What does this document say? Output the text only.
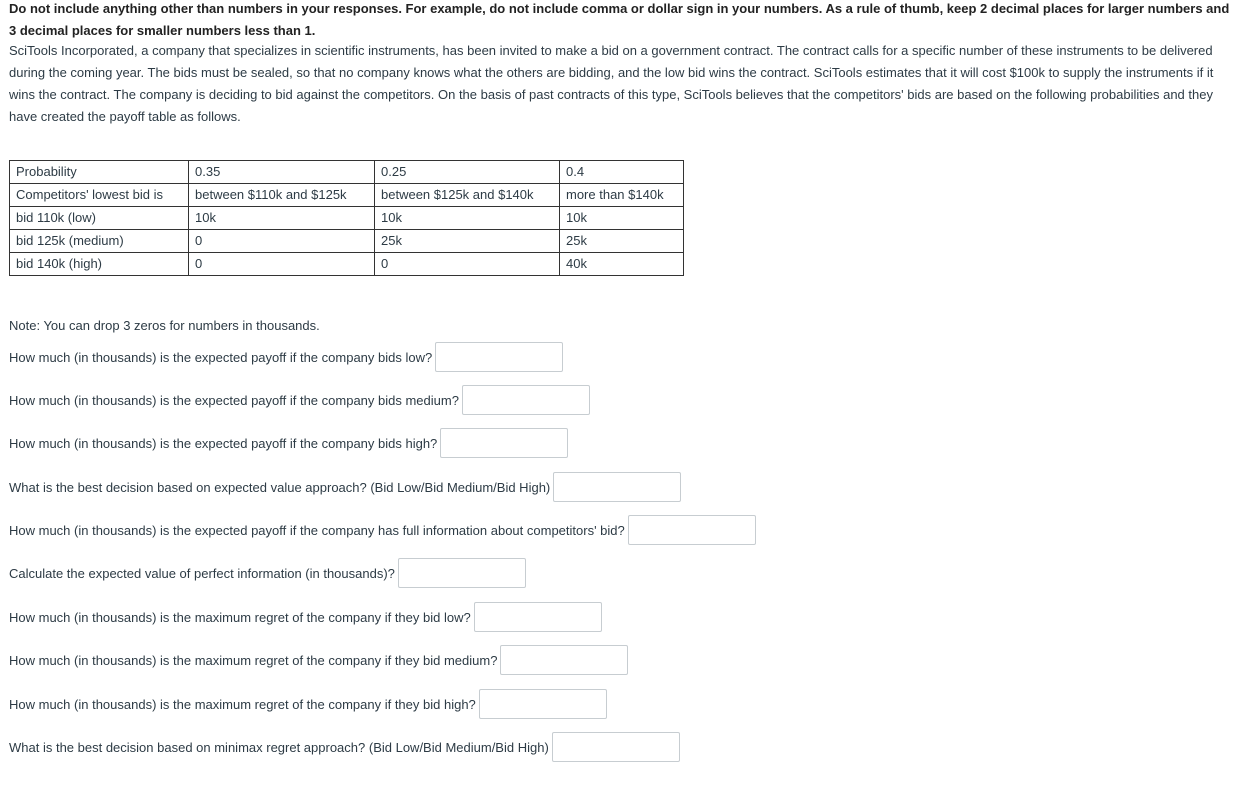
Do not include anything other than numbers in your responses. For example, do not include comma or dollar sign in your numbers. As a rule of thumb, keep 2 decimal places for larger numbers and 3 decimal places for smaller numbers less than 1.
SciTools Incorporated, a company that specializes in scientific instruments, has been invited to make a bid on a government contract. The contract calls for a specific number of these instruments to be delivered during the coming year. The bids must be sealed, so that no company knows what the others are bidding, and the low bid wins the contract. SciTools estimates that it will cost $100k to supply the instruments if it wins the contract. The company is deciding to bid against the competitors. On the basis of past contracts of this type, SciTools believes that the competitors' bids are based on the following probabilities and they have created the payoff table as follows.
Probability	0.35	0.25	0.4
Competitors' lowest bid is	between $110k and $125k	between $125k and $140k	more than $140k
bid 110k (low)	10k	10k	10k
bid 125k (medium)	0	25k	25k
bid 140k (high)	0	0	40k
Note: You can drop 3 zeros for numbers in thousands.
How much (in thousands) is the expected payoff if the company bids low?
How much (in thousands) is the expected payoff if the company bids medium?
How much (in thousands) is the expected payoff if the company bids high?
What is the best decision based on expected value approach? (Bid Low/Bid Medium/Bid High)
How much (in thousands) is the expected payoff if the company has full information about competitors' bid?
Calculate the expected value of perfect information (in thousands)?
How much (in thousands) is the maximum regret of the company if they bid low?
How much (in thousands) is the maximum regret of the company if they bid medium?
How much (in thousands) is the maximum regret of the company if they bid high?
What is the best decision based on minimax regret approach? (Bid Low/Bid Medium/Bid High)
